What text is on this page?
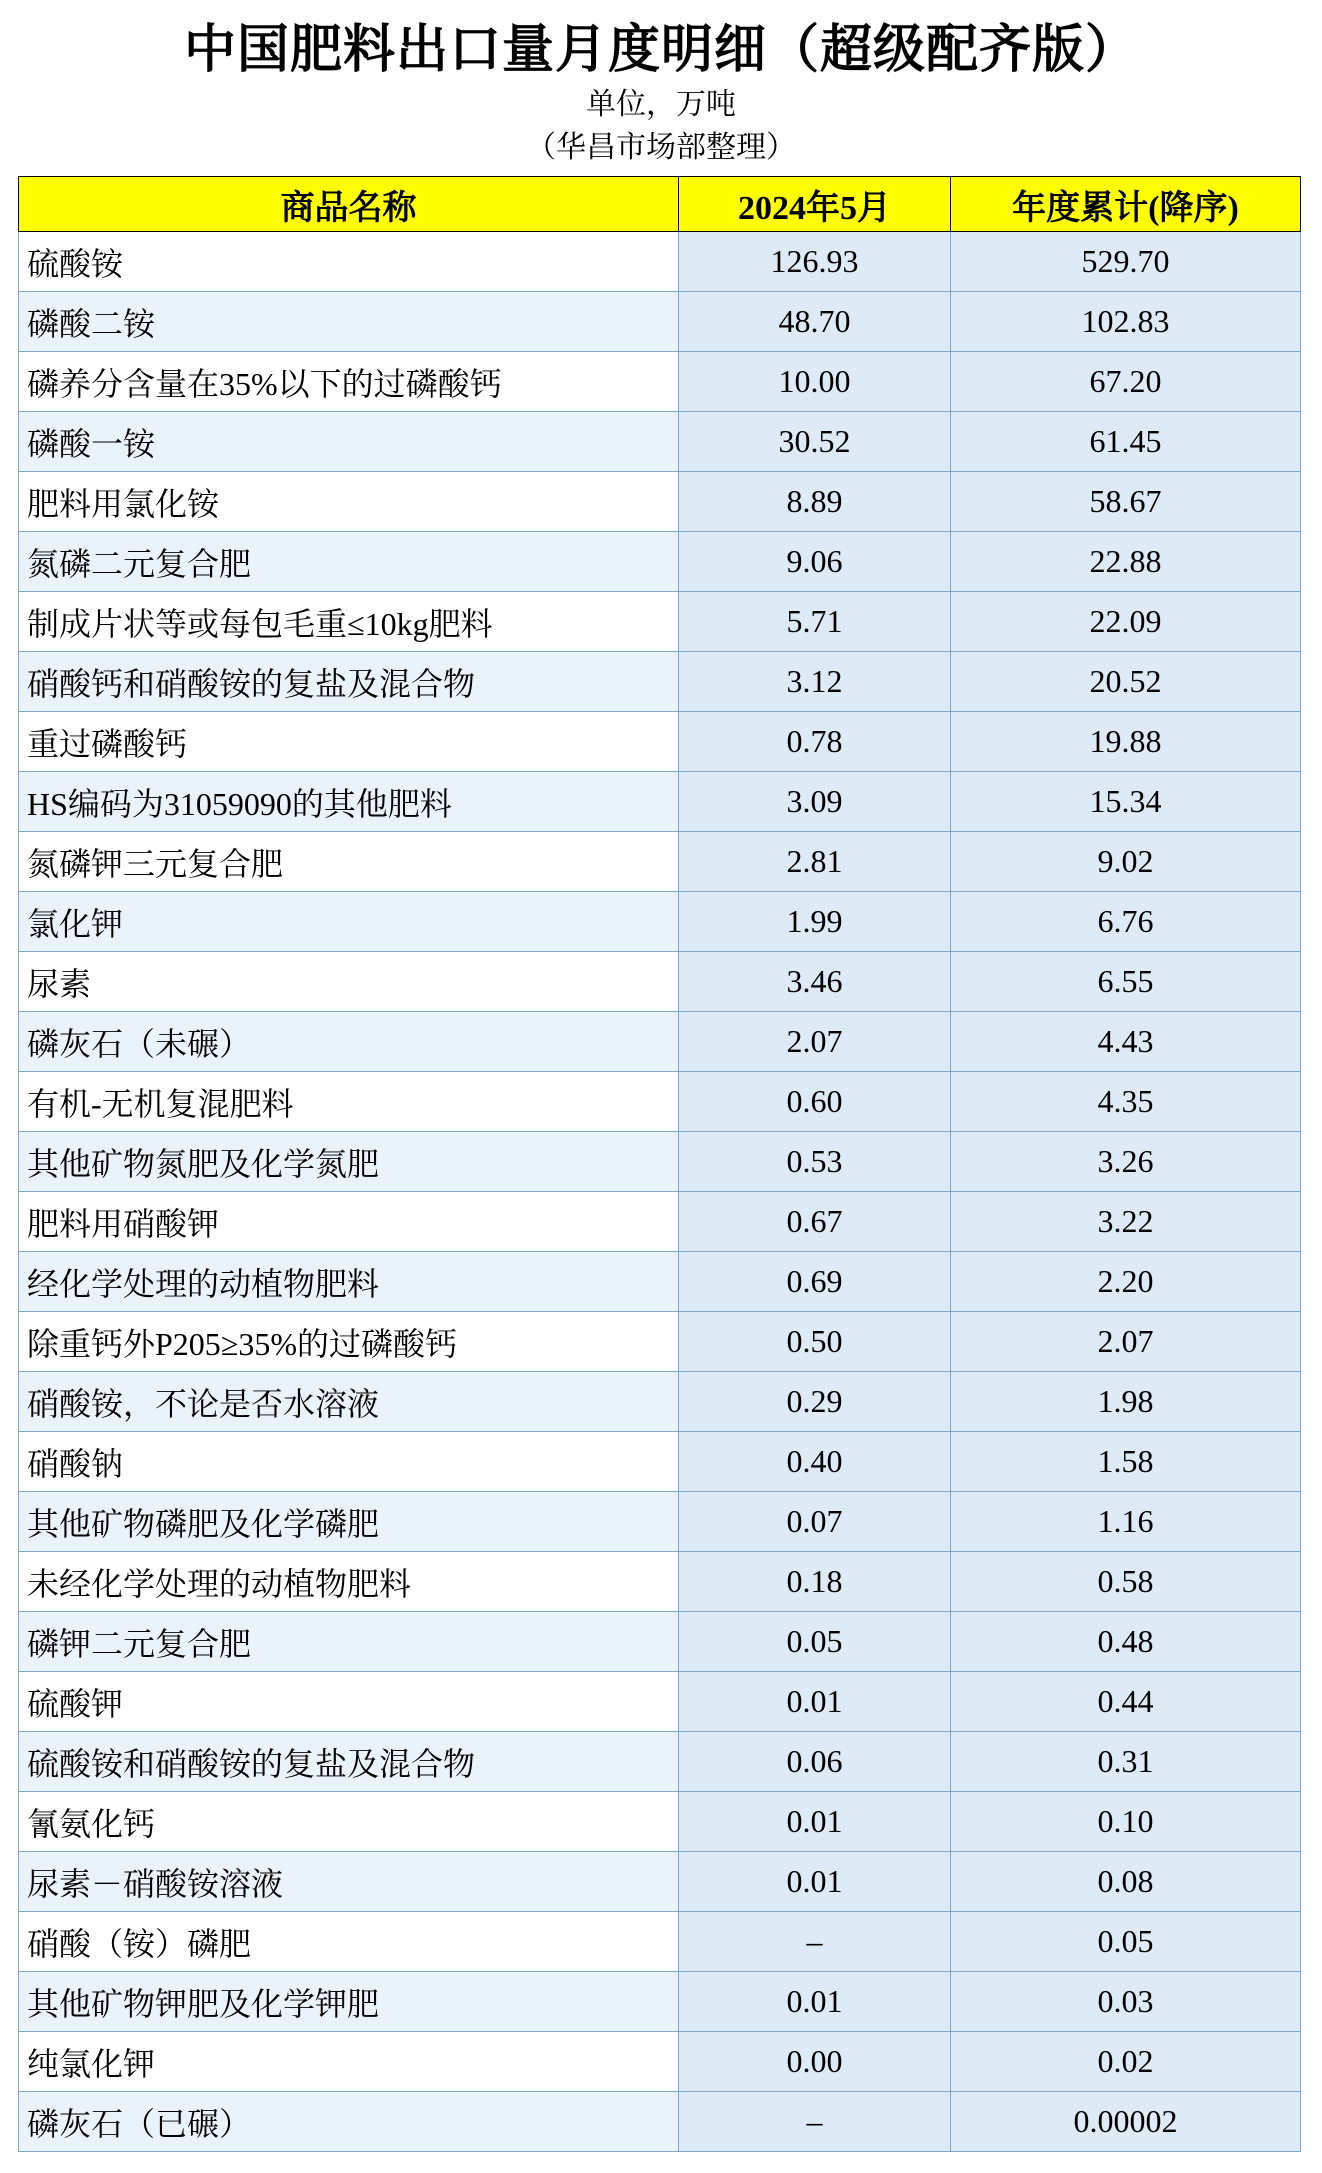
中国肥料出口量月度明细（超级配齐版）
单位，万吨
（华昌市场部整理）
商品名称	2024年5月	年度累计(降序)
硫酸铵	126.93	529.70
磷酸二铵	48.70	102.83
磷养分含量在35%以下的过磷酸钙	10.00	67.20
磷酸一铵	30.52	61.45
肥料用氯化铵	8.89	58.67
氮磷二元复合肥	9.06	22.88
制成片状等或每包毛重≤10kg肥料	5.71	22.09
硝酸钙和硝酸铵的复盐及混合物	3.12	20.52
重过磷酸钙	0.78	19.88
HS编码为31059090的其他肥料	3.09	15.34
氮磷钾三元复合肥	2.81	9.02
氯化钾	1.99	6.76
尿素	3.46	6.55
磷灰石（未碾）	2.07	4.43
有机-无机复混肥料	0.60	4.35
其他矿物氮肥及化学氮肥	0.53	3.26
肥料用硝酸钾	0.67	3.22
经化学处理的动植物肥料	0.69	2.20
除重钙外P205≥35%的过磷酸钙	0.50	2.07
硝酸铵，不论是否水溶液	0.29	1.98
硝酸钠	0.40	1.58
其他矿物磷肥及化学磷肥	0.07	1.16
未经化学处理的动植物肥料	0.18	0.58
磷钾二元复合肥	0.05	0.48
硫酸钾	0.01	0.44
硫酸铵和硝酸铵的复盐及混合物	0.06	0.31
氰氨化钙	0.01	0.10
尿素－硝酸铵溶液	0.01	0.08
硝酸（铵）磷肥	–	0.05
其他矿物钾肥及化学钾肥	0.01	0.03
纯氯化钾	0.00	0.02
磷灰石（已碾）	–	0.00002
